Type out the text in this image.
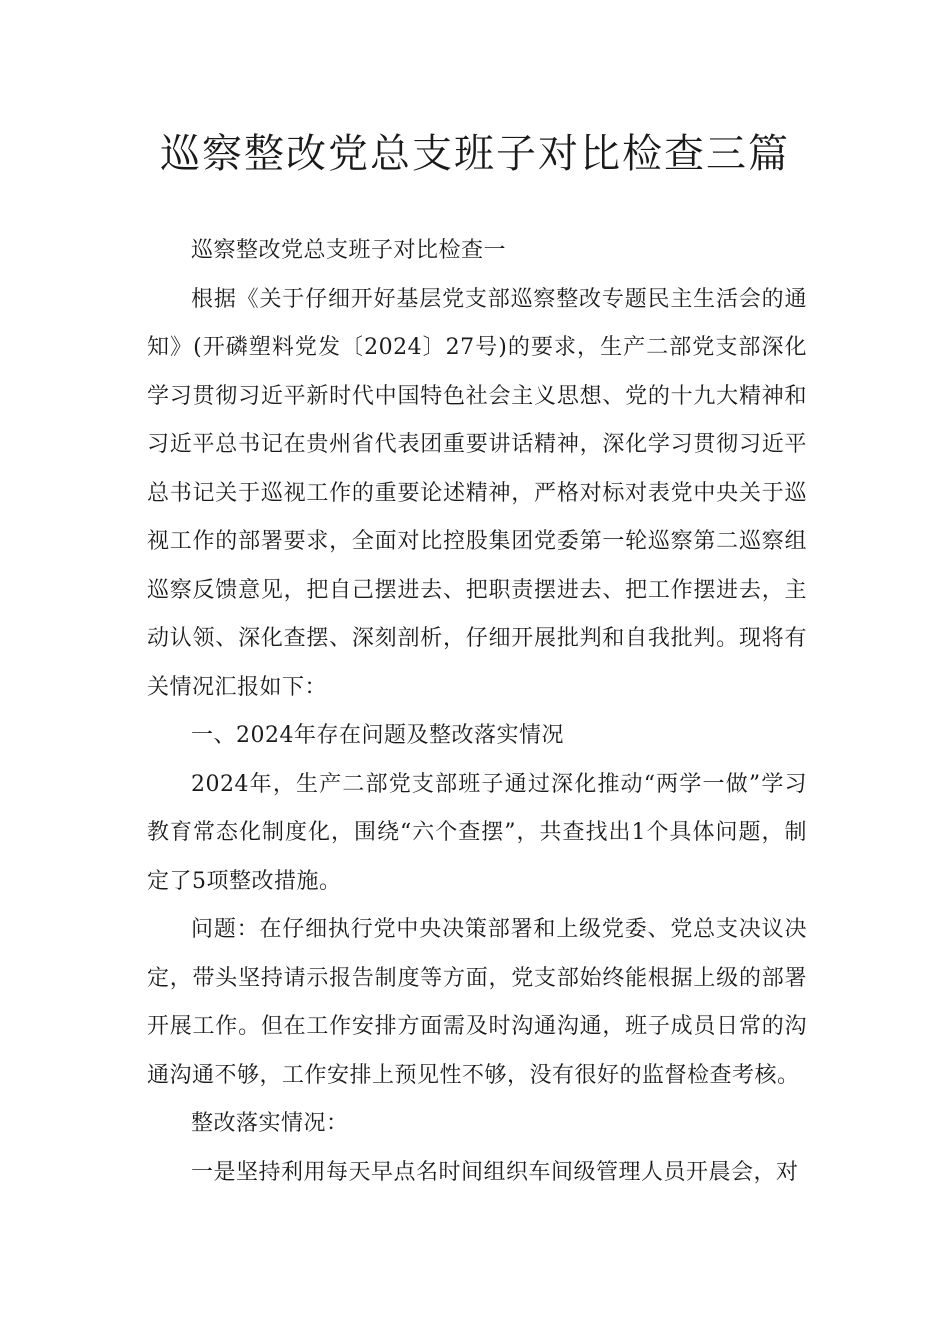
巡察整改党总支班子对比检查三篇

巡察整改党总支班子对比检查一

根据《关于仔细开好基层党支部巡察整改专题民主生活会的通知》(开磷塑料党发〔2024〕27号)的要求，生产二部党支部深化学习贯彻习近平新时代中国特色社会主义思想、党的十九大精神和习近平总书记在贵州省代表团重要讲话精神，深化学习贯彻习近平总书记关于巡视工作的重要论述精神，严格对标对表党中央关于巡视工作的部署要求，全面对比控股集团党委第一轮巡察第二巡察组巡察反馈意见，把自己摆进去、把职责摆进去、把工作摆进去，主动认领、深化查摆、深刻剖析，仔细开展批判和自我批判。现将有关情况汇报如下：

一、2024年存在问题及整改落实情况

2024年，生产二部党支部班子通过深化推动“两学一做”学习教育常态化制度化，围绕“六个查摆”，共查找出1个具体问题，制定了5项整改措施。

问题：在仔细执行党中央决策部署和上级党委、党总支决议决定，带头坚持请示报告制度等方面，党支部始终能根据上级的部署开展工作。但在工作安排方面需及时沟通沟通，班子成员日常的沟通沟通不够，工作安排上预见性不够，没有很好的监督检查考核。

整改落实情况：

一是坚持利用每天早点名时间组织车间级管理人员开晨会，对
